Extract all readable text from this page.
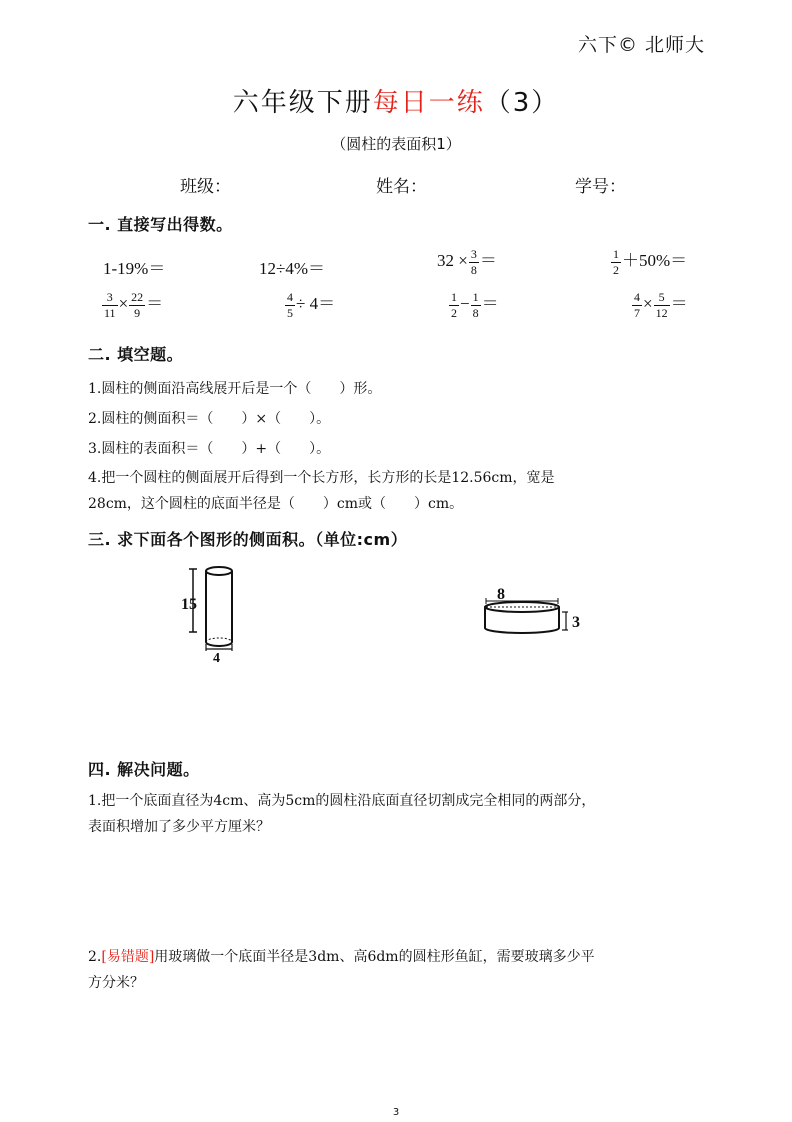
六下© 北师大
六年级下册每日一练（3）
（圆柱的表面积1）
班级：	姓名：	学号：
一. 直接写出得数。
1-19%＝	12÷4%＝	$32 \times \frac{3}{8}$ ＝	$\frac{1}{2} +50\%=$
$\frac{3}{11} \times \frac{22}{9}$ ＝	$\frac{4}{5} \div 4=$	$\frac{1}{2} - \frac{1}{8}$ ＝	$\frac{4}{7} \times \frac{5}{12}$ ＝
二. 填空题。
1.圆柱的侧面沿高线展开后是一个（　　）形。
2.圆柱的侧面积＝（　　）×（　　）。
3.圆柱的表面积＝（　　）+（　　）。
4.把一个圆柱的侧面展开后得到一个长方形，长方形的长是12.56cm，宽是
28cm，这个圆柱的底面半径是（　　）cm或（　　）cm。
三. 求下面各个图形的侧面积。（单位:cm）
15
4
8
3
四. 解决问题。
1.把一个底面直径为4cm、高为5cm的圆柱沿底面直径切割成完全相同的两部分，
表面积增加了多少平方厘米？
2.[易错题]用玻璃做一个底面半径是3dm、高6dm的圆柱形鱼缸，需要玻璃多少平
方分米？
3
